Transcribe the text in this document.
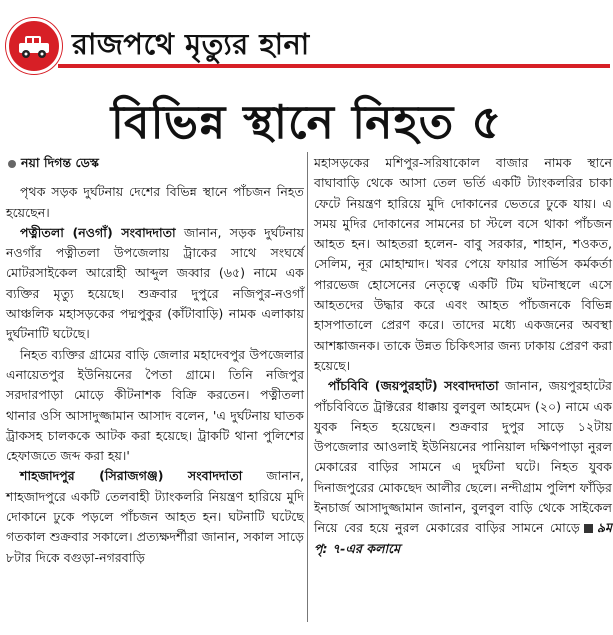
রাজপথে মৃত্যুর হানা
বিভিন্ন স্থানে নিহত ৫
নয়া দিগন্ত ডেস্ক

পৃথক সড়ক দুর্ঘটনায় দেশের বিভিন্ন স্থানে পাঁচজন নিহত হয়েছেন।

পত্নীতলা (নওগাঁ) সংবাদদাতা জানান, সড়ক দুর্ঘটনায় নওগাঁর পত্নীতলা উপজেলায় ট্রাকের সাথে সংঘর্ষে মোটরসাইকেল আরোহী আব্দুল জব্বার (৬৫) নামে এক ব্যক্তির মৃত্যু হয়েছে। শুক্রবার দুপুরে নজিপুর-নওগাঁ আঞ্চলিক মহাসড়কের পদ্মপুকুর (কাঁটাবাড়ি) নামক এলাকায় দুর্ঘটনাটি ঘটেছে।

নিহত ব্যক্তির গ্রামের বাড়ি জেলার মহাদেবপুর উপজেলার এনায়েতপুর ইউনিয়নের পৈতা গ্রামে। তিনি নজিপুর সরদারপাড়া মোড়ে কীটনাশক বিক্রি করতেন। পত্নীতলা থানার ওসি আসাদুজ্জামান আসাদ বলেন, 'এ দুর্ঘটনায় ঘাতক ট্রাকসহ চালককে আটক করা হয়েছে। ট্রাকটি থানা পুলিশের হেফাজতে জব্দ করা হয়।'

শাহজাদপুর (সিরাজগঞ্জ) সংবাদদাতা জানান, শাহজাদপুরে একটি তেলবাহী ট্যাংকলরি নিয়ন্ত্রণ হারিয়ে মুদি দোকানে ঢুকে পড়লে পাঁচজন আহত হন। ঘটনাটি ঘটেছে গতকাল শুক্রবার সকালে। প্রত্যক্ষদর্শীরা জানান, সকাল সাড়ে ৮টার দিকে বগুড়া-নগরবাড়ি

মহাসড়কের মশিপুর-সরিষাকোল বাজার নামক স্থানে বাঘাবাড়ি থেকে আসা তেল ভর্তি একটি ট্যাংকলরির চাকা ফেটে নিয়ন্ত্রণ হারিয়ে মুদি দোকানের ভেতরে ঢুকে যায়। এ সময় মুদির দোকানের সামনের চা স্টলে বসে থাকা পাঁচজন আহত হন। আহতরা হলেন- বাবু সরকার, শাহান, শওকত, সেলিম, নূর মোহাম্মাদ। খবর পেয়ে ফায়ার সার্ভিস কর্মকর্তা পারভেজ হোসেনের নেতৃত্বে একটি টিম ঘটনাস্থলে এসে আহতদের উদ্ধার করে এবং আহত পাঁচজনকে বিভিন্ন হাসপাতালে প্রেরণ করে। তাদের মধ্যে একজনের অবস্থা আশঙ্কাজনক। তাকে উন্নত চিকিৎসার জন্য ঢাকায় প্রেরণ করা হয়েছে।

পাঁচবিবি (জয়পুরহাট) সংবাদদাতা জানান, জয়পুরহাটের পাঁচবিবিতে ট্রাক্টরের ধাক্কায় বুলবুল আহমেদ (২০) নামে এক যুবক নিহত হয়েছেন। শুক্রবার দুপুর সাড়ে ১২টায় উপজেলার আওলাই ইউনিয়নের পানিয়াল দক্ষিণপাড়া নুরল মেকারের বাড়ির সামনে এ দুর্ঘটনা ঘটে। নিহত যুবক দিনাজপুরের মোকছেদ আলীর ছেলে। নন্দীগ্রাম পুলিশ ফাঁড়ির ইনচার্জ আসাদুজ্জামান জানান, বুলবুল বাড়ি থেকে সাইকেল নিয়ে বের হয়ে নুরল মেকারের বাড়ির সামনে মোড়ে ৯ম পৃ: ৭-এর কলামে
